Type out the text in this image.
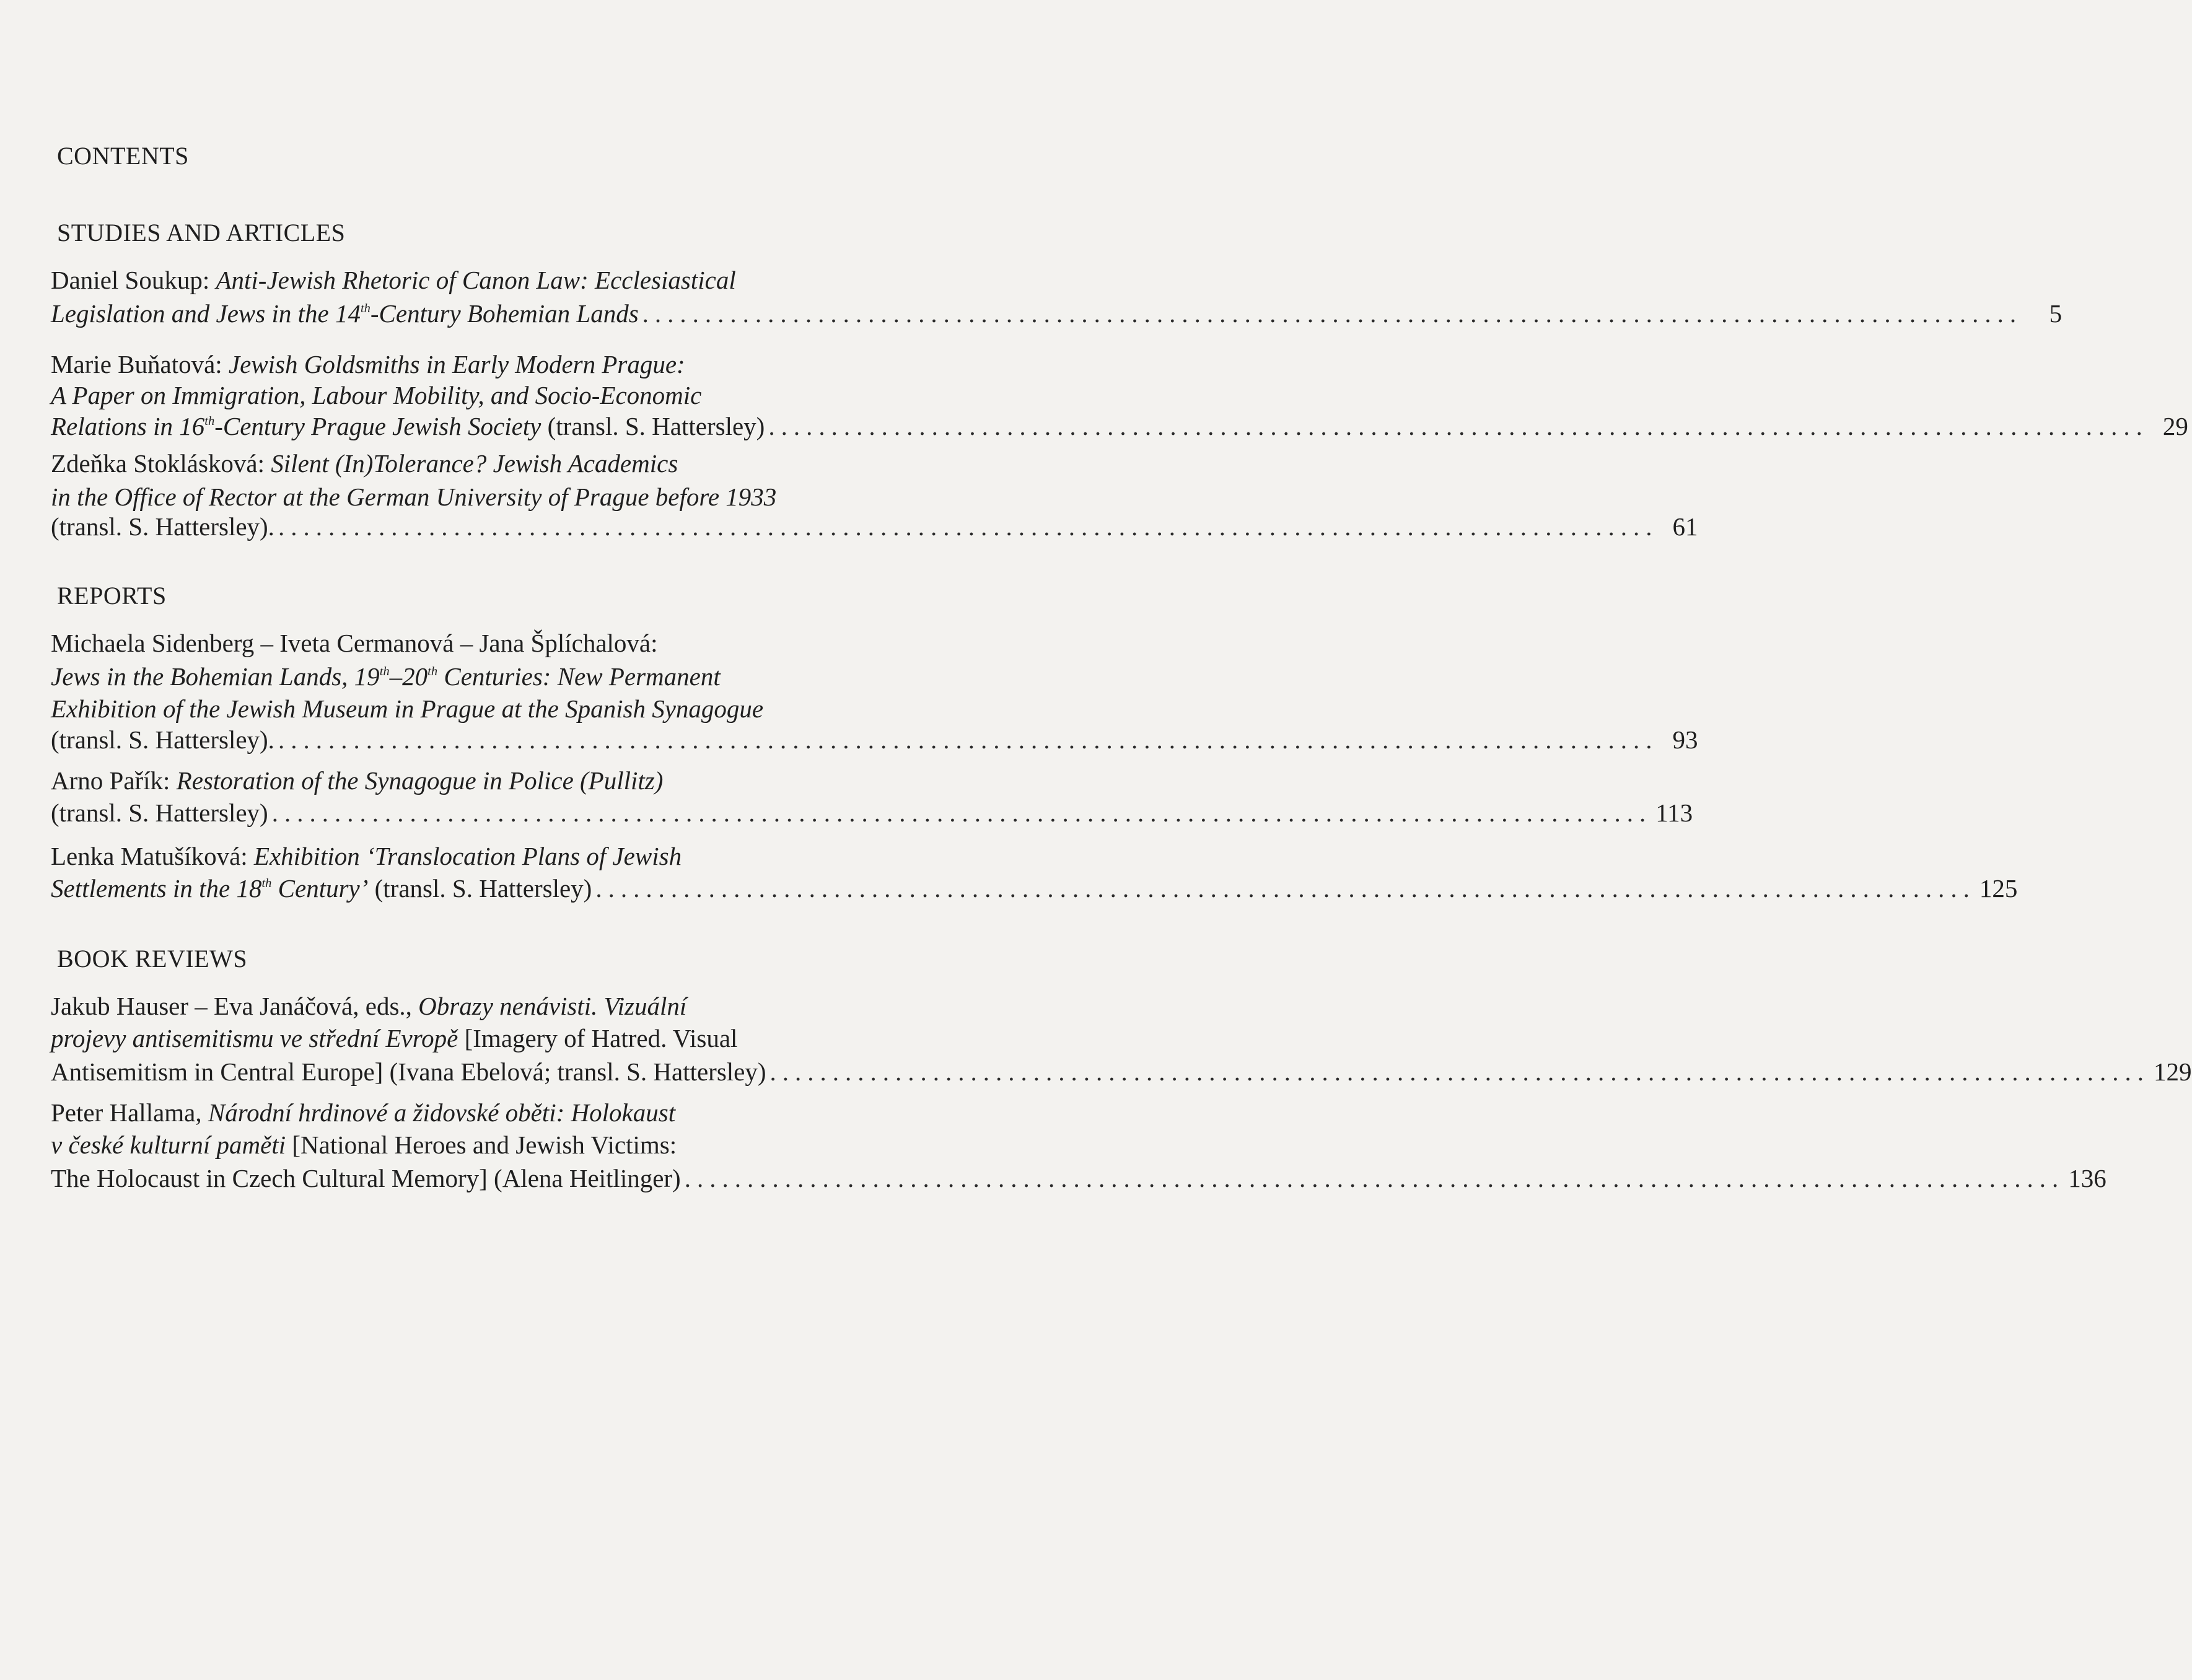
CONTENTS
STUDIES AND ARTICLES
Daniel Soukup: Anti-Jewish Rhetoric of Canon Law: Ecclesiastical
Legislation and Jews in the 14th-Century Bohemian Lands ..............................................................................................................	5
Marie Buňatová: Jewish Goldsmiths in Early Modern Prague:
A Paper on Immigration, Labour Mobility, and Socio-Economic
Relations in 16th-Century Prague Jewish Society (transl. S. Hattersley) .............................................................................................................. 29
Zdeňka Stoklásková: Silent (In)Tolerance? Jewish Academics
in the Office of Rector at the German University of Prague before 1933
(transl. S. Hattersley). .............................................................................................................. 61
REPORTS
Michaela Sidenberg – Iveta Cermanová – Jana Šplíchalová:
Jews in the Bohemian Lands, 19th–20th Centuries: New Permanent
Exhibition of the Jewish Museum in Prague at the Spanish Synagogue
(transl. S. Hattersley). .............................................................................................................. 93
Arno Pařík: Restoration of the Synagogue in Police (Pullitz)
(transl. S. Hattersley) .............................................................................................................. 113
Lenka Matušíková: Exhibition ‘Translocation Plans of Jewish
Settlements in the 18th Century’ (transl. S. Hattersley) .............................................................................................................. 125
BOOK REVIEWS
Jakub Hauser – Eva Janáčová, eds., Obrazy nenávisti. Vizuální
projevy antisemitismu ve střední Evropě [Imagery of Hatred. Visual
Antisemitism in Central Europe] (Ivana Ebelová; transl. S. Hattersley) .............................................................................................................. 129
Peter Hallama, Národní hrdinové a židovské oběti: Holokaust
v české kulturní paměti [National Heroes and Jewish Victims:
The Holocaust in Czech Cultural Memory] (Alena Heitlinger) .............................................................................................................. 136
